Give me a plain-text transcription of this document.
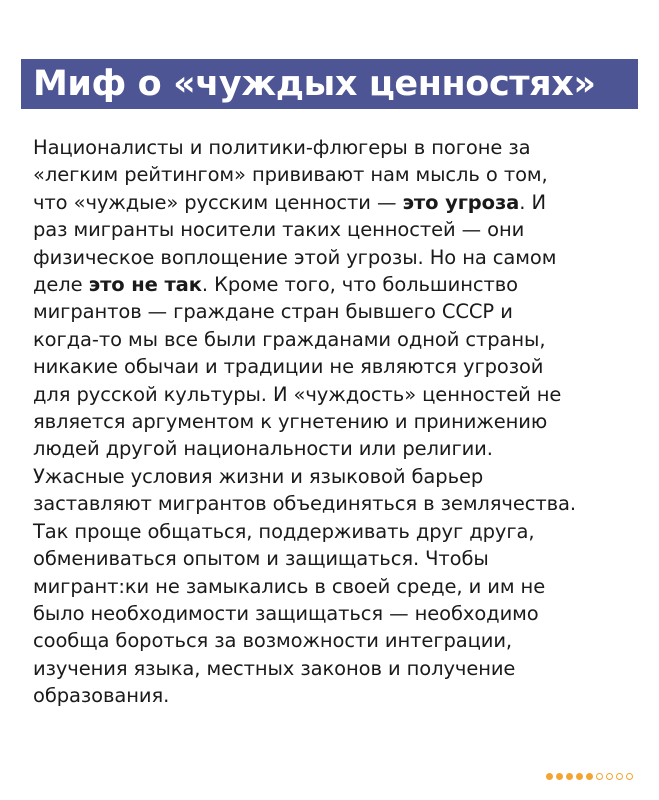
Миф о «чуждых ценностях»
Националисты и политики-флюгеры в погоне за
«легким рейтингом» прививают нам мысль о том,
что «чуждые» русским ценности — это угроза. И
раз мигранты носители таких ценностей — они
физическое воплощение этой угрозы. Но на самом
деле это не так. Кроме того, что большинство
мигрантов — граждане стран бывшего СССР и
когда-то мы все были гражданами одной страны,
никакие обычаи и традиции не являются угрозой
для русской культуры. И «чуждость» ценностей не
является аргументом к угнетению и принижению
людей другой национальности или религии.
Ужасные условия жизни и языковой барьер
заставляют мигрантов объединяться в землячества.
Так проще общаться, поддерживать друг друга,
обмениваться опытом и защищаться. Чтобы
мигрант:ки не замыкались в своей среде, и им не
было необходимости защищаться — необходимо
сообща бороться за возможности интеграции,
изучения языка, местных законов и получение
образования.
